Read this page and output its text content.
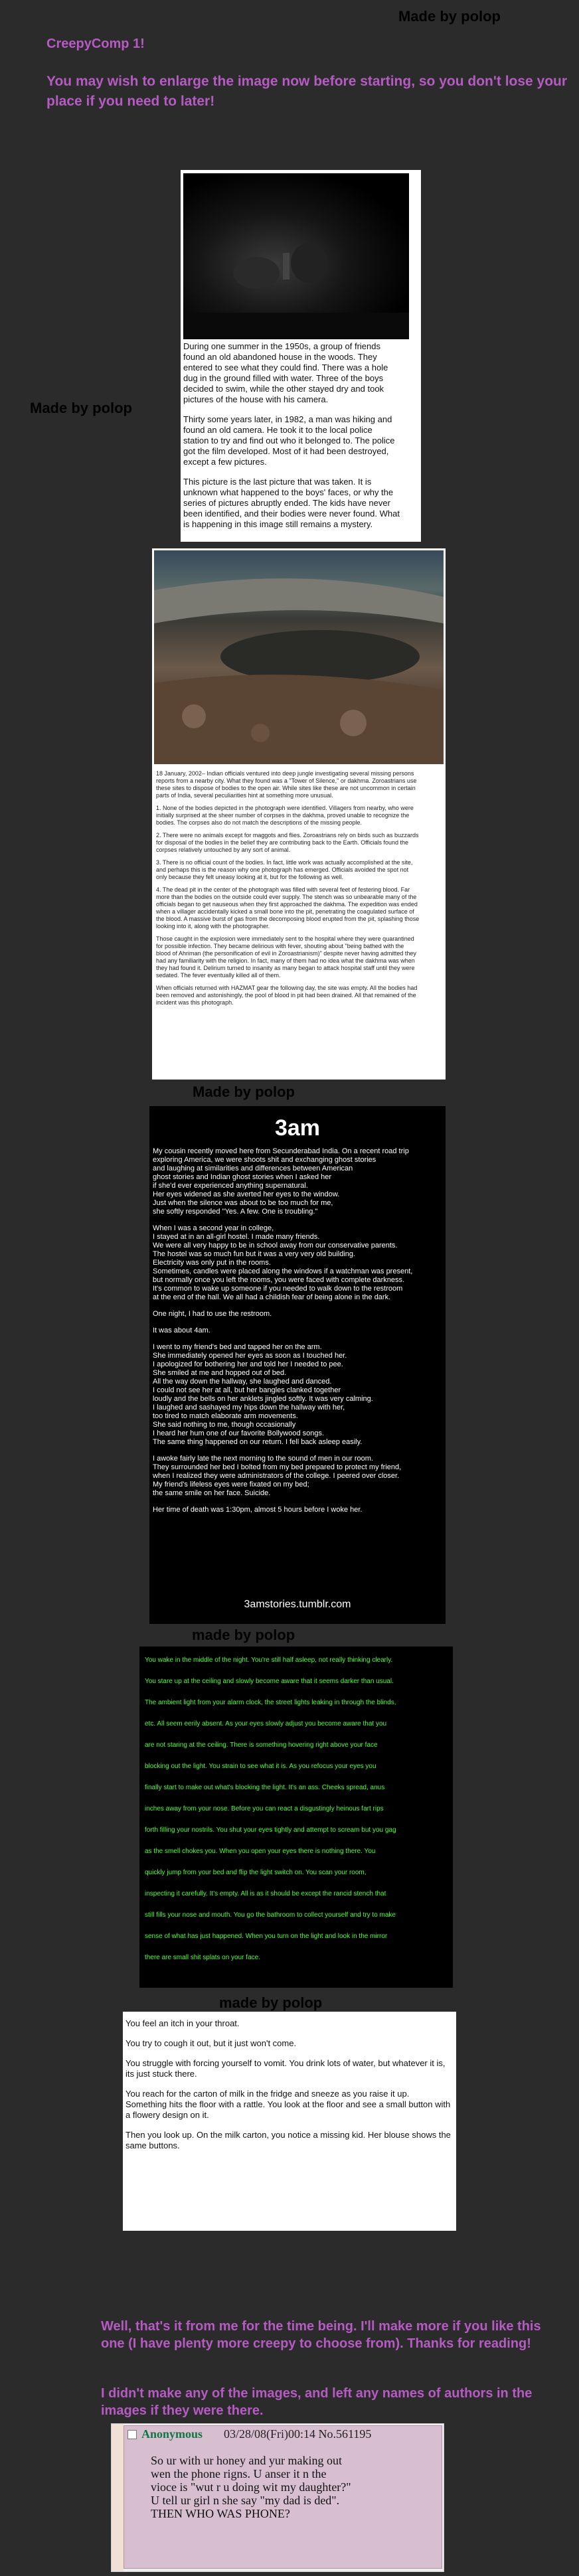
Made by polop
CreepyComp 1!
You may wish to enlarge the image now before starting, so you don't lose your place if you need to later!

During one summer in the 1950s, a group of friends
found an old abandoned house in the woods. They
entered to see what they could find. There was a hole
dug in the ground filled with water. Three of the boys
decided to swim, while the other stayed dry and took
pictures of the house with his camera.

Thirty some years later, in 1982, a man was hiking and
found an old camera. He took it to the local police
station to try and find out who it belonged to. The police
got the film developed. Most of it had been destroyed,
except a few pictures.

This picture is the last picture that was taken. It is
unknown what happened to the boys' faces, or why the
series of pictures abruptly ended. The kids have never
been identified, and their bodies were never found. What
is happening in this image still remains a mystery.

Made by polop

18 January, 2002– Indian officials ventured into deep jungle investigating several missing persons
reports from a nearby city. What they found was a "Tower of Silence," or dakhma. Zoroastrians use
these sites to dispose of bodies to the open air. While sites like these are not uncommon in certain
parts of India, several peculiarities hint at something more unusual.

1. None of the bodies depicted in the photograph were identified. Villagers from nearby, who were
initially surprised at the sheer number of corpses in the dakhma, proved unable to recognize the
bodies. The corpses also do not match the descriptions of the missing people.

2. There were no animals except for maggots and flies. Zoroastrians rely on birds such as buzzards
for disposal of the bodies in the belief they are contributing back to the Earth. Officials found the
corpses relatively untouched by any sort of animal.

3. There is no official count of the bodies. In fact, little work was actually accomplished at the site,
and perhaps this is the reason why one photograph has emerged. Officials avoided the spot not
only because they felt uneasy looking at it, but for the following as well.

4. The dead pit in the center of the photograph was filled with several feet of festering blood. Far
more than the bodies on the outside could ever supply. The stench was so unbearable many of the
officials began to get nauseous when they first approached the dakhma. The expedition was ended
when a villager accidentally kicked a small bone into the pit, penetrating the coagulated surface of
the blood. A massive burst of gas from the decomposing blood erupted from the pit, splashing those
looking into it, along with the photographer.

Those caught in the explosion were immediately sent to the hospital where they were quarantined
for possible infection. They became delirious with fever, shouting about "being bathed with the
blood of Ahriman (the personification of evil in Zoroastrianism)" despite never having admitted they
had any familiarity with the religion. In fact, many of them had no idea what the dakhma was when
they had found it. Delirium turned to insanity as many began to attack hospital staff until they were
sedated. The fever eventually killed all of them.

When officials returned with HAZMAT gear the following day, the site was empty. All the bodies had
been removed and astonishingly, the pool of blood in pit had been drained. All that remained of the
incident was this photograph.

Made by polop
3am

My cousin recently moved here from Secunderabad India. On a recent road trip
exploring America, we were shoots shit and exchanging ghost stories
and laughing at similarities and differences between American
ghost stories and Indian ghost stories when I asked her
if she'd ever experienced anything supernatural.
Her eyes widened as she averted her eyes to the window.
Just when the silence was about to be too much for me,
she softly responded "Yes. A few. One is troubling."

When I was a second year in college,
I stayed at in an all-girl hostel. I made many friends.
We were all very happy to be in school away from our conservative parents.
The hostel was so much fun but it was a very very old building.
Electricity was only put in the rooms.
Sometimes, candles were placed along the windows if a watchman was present,
but normally once you left the rooms, you were faced with complete darkness.
It's common to wake up someone if you needed to walk down to the restroom
at the end of the hall. We all had a childish fear of being alone in the dark.

One night, I had to use the restroom.

It was about 4am.

I went to my friend's bed and tapped her on the arm.
She immediately opened her eyes as soon as I touched her.
I apologized for bothering her and told her I needed to pee.
She smiled at me and hopped out of bed.
All the way down the hallway, she laughed and danced.
I could not see her at all, but her bangles clanked together
loudly and the bells on her anklets jingled softly. It was very calming.
I laughed and sashayed my hips down the hallway with her,
too tired to match elaborate arm movements.
She said nothing to me, though occasionally
I heard her hum one of our favorite Bollywood songs.
The same thing happened on our return. I fell back asleep easily.

I awoke fairly late the next morning to the sound of men in our room.
They surrounded her bed I bolted from my bed prepared to protect my friend,
when I realized they were administrators of the college. I peered over closer.
My friend's lifeless eyes were fixated on my bed;
the same smile on her face. Suicide.

Her time of death was 1:30pm, almost 5 hours before I woke her.

3amstories.tumblr.com
made by polop
You wake in the middle of the night. You're still half asleep, not really thinking clearly.
You stare up at the ceiling and slowly become aware that it seems darker than usual.
The ambient light from your alarm clock, the street lights leaking in through the blinds,
etc. All seem eerily absent. As your eyes slowly adjust you become aware that you
are not staring at the ceiling. There is something hovering right above your face
blocking out the light. You strain to see what it is. As you refocus your eyes you
finally start to make out what's blocking the light. It's an ass. Cheeks spread, anus
inches away from your nose. Before you can react a disgustingly heinous fart rips
forth filling your nostrils. You shut your eyes tightly and attempt to scream but you gag
as the smell chokes you. When you open your eyes there is nothing there. You
quickly jump from your bed and flip the light switch on. You scan your room,
inspecting it carefully. It's empty. All is as it should be except the rancid stench that
still fills your nose and mouth. You go the bathroom to collect yourself and try to make
sense of what has just happened. When you turn on the light and look in the mirror
there are small shit splats on your face.
made by polop

You feel an itch in your throat.

You try to cough it out, but it just won't come.

You struggle with forcing yourself to vomit. You drink lots of water, but whatever it is, its just stuck there.

You reach for the carton of milk in the fridge and sneeze as you raise it up. Something hits the floor with a rattle. You look at the floor and see a small button with a flowery design on it.

Then you look up. On the milk carton, you notice a missing kid. Her blouse shows the same buttons.

Well, that's it from me for the time being. I'll make more if you like this one (I have plenty more creepy to choose from). Thanks for reading!
I didn't make any of the images, and left any names of authors in the images if they were there.
Anonymous 03/28/08(Fri)00:14 No.561195
So ur with ur honey and yur making out
wen the phone rigns. U anser it n the
vioce is "wut r u doing wit my daughter?"
U tell ur girl n she say "my dad is ded".
THEN WHO WAS PHONE?
